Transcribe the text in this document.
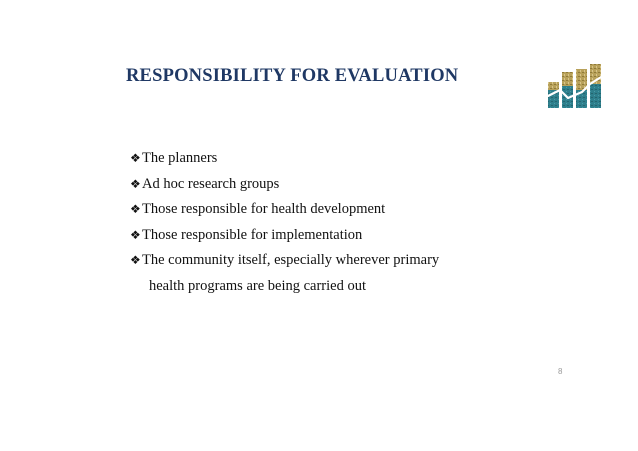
RESPONSIBILITY FOR EVALUATION
❖The planners
❖Ad hoc research groups
❖Those responsible for health development
❖Those responsible for implementation
❖The community itself, especially wherever primary
health programs are being carried out
8
